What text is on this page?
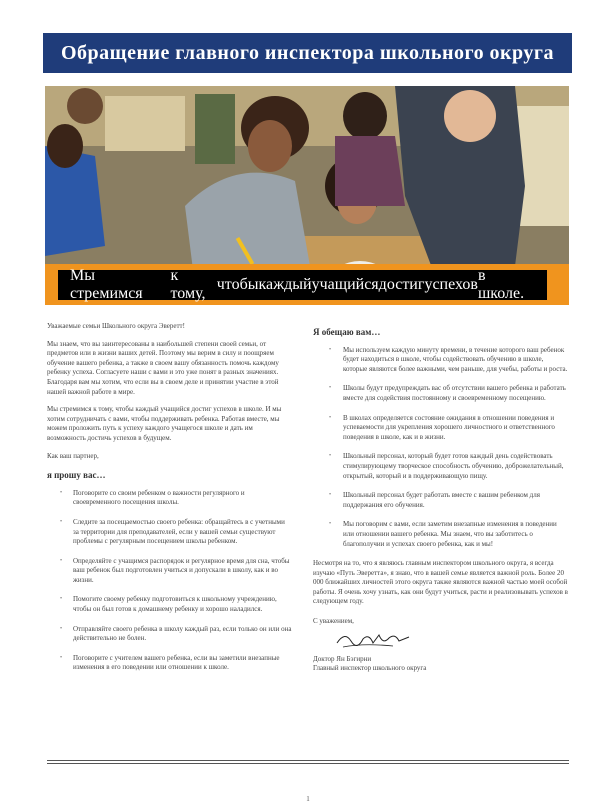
Обращение главного инспектора школьного округа
Мы стремимся
к тому,
чтобы каждый учащийся достиг успехов
в школе.

Уважаемые семьи Школьного округа Эверетт!

Мы знаем, что вы заинтересованы в наибольшей степени своей семьи, от предметов или в жизни ваших детей. Поэтому мы верим в силу и поощряем обучение вашего ребенка, а также в своем вашу обязанность помочь каждому ребенку успеха. Согласуете наши с вами и это уже понят в разных значениях. Благодаря вам мы хотим, что если вы в своем деле и принятии участие в этой нашей важной работе в мире.

Мы стремимся к тому, чтобы каждый учащийся достиг успехов в школе. И мы хотим сотрудничать с вами, чтобы поддерживать ребенка. Работая вместе, мы можем проложить путь к успеху каждого учащегося школе и дать им возможность достичь успехов в будущем.

Как ваш партнер,

я прошу вас…
• Поговорите со своим ребенком о важности регулярного и своевременного посещения школы.
• Следите за посещаемостью своего ребенка: обращайтесь в с учетными за территории для преподавателей, если у вашей семьи существуют проблемы с регулярным посещением школы ребенком.
• Определяйте с учащимся распорядок и регулярное время для сна, чтобы ваш ребенок был подготовлен учиться и допускали в школу, как и во жизни.
• Помогите своему ребенку подготовиться к школьному учреждению, чтобы он был готов к домашнему ребенку и хорошо наладился.
• Отправляйте своего ребенка в школу каждый раз, если только он или она действительно не болен.
• Поговорите с учителем вашего ребенка, если вы заметили внезапные изменения в его поведении или отношении к школе.
Я обещаю вам…
• Мы используем каждую минуту времени, в течение которого ваш ребенок будет находиться в школе, чтобы содействовать обучению в школе, которые являются более важными, чем раньше, для учебы, работы и роста.
• Школы будут предупреждать вас об отсутствии вашего ребенка и работать вместе для содействия постоянному и своевременному посещению.
• В школах определяется состояние ожидания в отношении поведения и успеваемости для укрепления хорошего личностного и ответственного поведения в школе, как и в жизни.
• Школьный персонал, который будет готов каждый день содействовать стимулирующему творческое способность обучению, доброжелательный, открытый, который и в поддерживающую пищу.
• Школьный персонал будет работать вместе с вашим ребенком для поддержания его обучения.
• Мы поговорим с вами, если заметим внезапные изменения в поведении или отношении вашего ребенка. Мы знаем, что вы заботитесь о благополучии и успехах своего ребенка, как и мы!

Несмотря на то, что я являюсь главным инспектором школьного округа, я всегда изучаю «Путь Эверетта», я знаю, что в вашей семье является важной роль. Более 20 000 ближайших личностей этого округа также являются важной частью моей особой работы. Я очень хочу узнать, как они будут учиться, расти и реализовывать успехов в следующем году.

С уважением,
Доктор Ян Бэгирни
Главный инспектор школьного округа
1
